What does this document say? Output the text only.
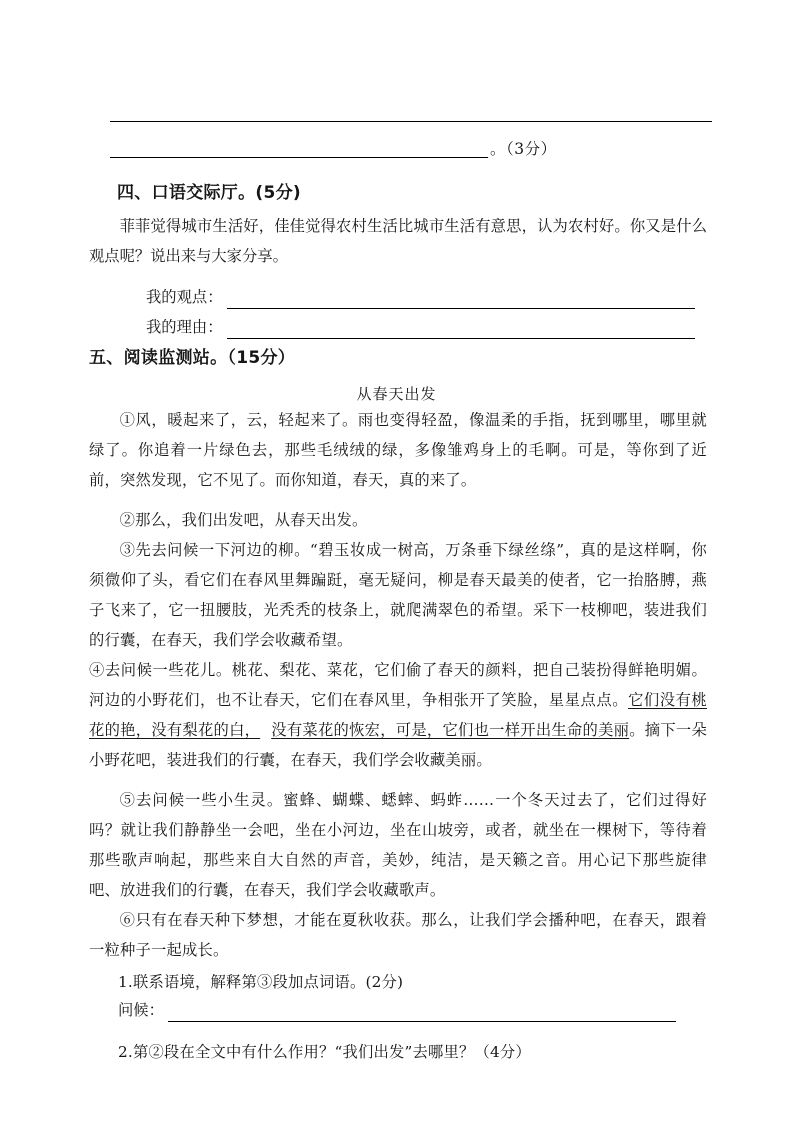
。（3分）
四、口语交际厅。(5分)
菲菲觉得城市生活好，佳佳觉得农村生活比城市生活有意思，认为农村好。你又是什么观点呢？说出来与大家分享。
我的观点：
我的理由：
五、阅读监测站。（15分）
从春天出发
①风，暖起来了，云，轻起来了。雨也变得轻盈，像温柔的手指，抚到哪里，哪里就绿了。你追着一片绿色去，那些毛绒绒的绿，多像雏鸡身上的毛啊。可是，等你到了近前，突然发现，它不见了。而你知道，春天，真的来了。
②那么，我们出发吧，从春天出发。
③先去问候一下河边的柳。“碧玉妆成一树高，万条垂下绿丝绦”，真的是这样啊，你须微仰了头，看它们在春风里舞蹁跹，毫无疑问，柳是春天最美的使者，它一抬胳膊，燕子飞来了，它一扭腰肢，光秃秃的枝条上，就爬满翠色的希望。采下一枝柳吧，装进我们的行囊，在春天，我们学会收藏希望。
④去问候一些花儿。桃花、梨花、菜花，它们偷了春天的颜料，把自己装扮得鲜艳明媚。河边的小野花们，也不让春天，它们在春风里，争相张开了笑脸，星星点点。它们没有桃花的艳，没有梨花的白， 没有菜花的恢宏，可是，它们也一样开出生命的美丽。摘下一朵小野花吧，装进我们的行囊，在春天，我们学会收藏美丽。
⑤去问候一些小生灵。蜜蜂、蝴蝶、蟋蟀、蚂蚱……一个冬天过去了，它们过得好吗？就让我们静静坐一会吧，坐在小河边，坐在山坡旁，或者，就坐在一棵树下，等待着那些歌声响起，那些来自大自然的声音，美妙，纯洁，是天籁之音。用心记下那些旋律吧、放进我们的行囊，在春天，我们学会收藏歌声。
⑥只有在春天种下梦想，才能在夏秋收获。那么，让我们学会播种吧，在春天，跟着一粒种子一起成长。
1.联系语境，解释第③段加点词语。(2分)
问候：
2.第②段在全文中有什么作用？“我们出发”去哪里？（4分）
